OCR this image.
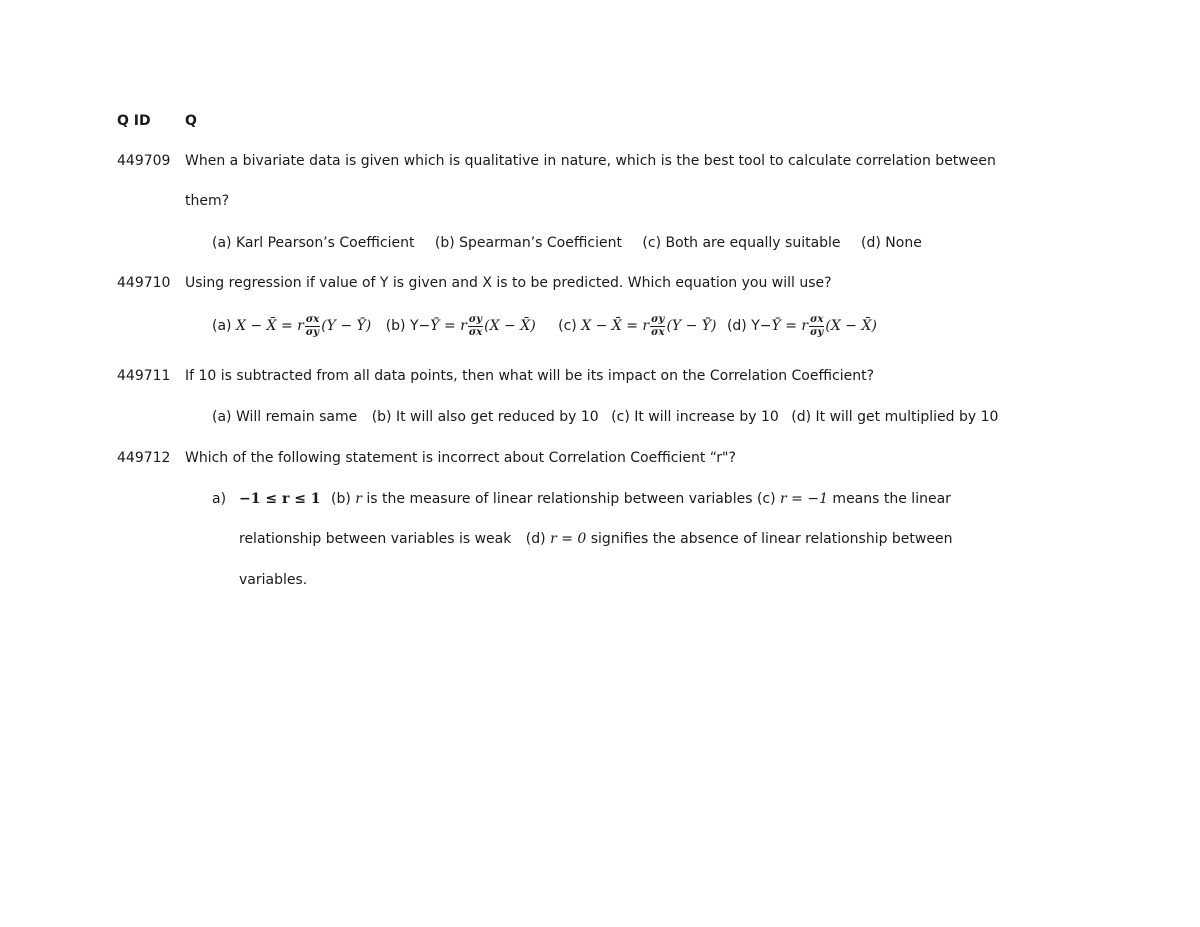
Q ID Q
449709 When a bivariate data is given which is qualitative in nature, which is the best tool to calculate correlation between
them?
(a) Karl Pearson’s Coefficient (b) Spearman’s Coefficient (c) Both are equally suitable (d) None
449710 Using regression if value of Y is given and X is to be predicted. Which equation you will use?
(a) X − X̄ = r $\frac{\sigma x}{\sigma y} (Y$ − Ȳ) (b) Y−Ȳ = r $\frac{\sigma y}{\sigma x} (X$ − X̄) (c) X − X̄ = r $\frac{\sigma y}{\sigma x} (Y$ − Ȳ) (d) Y−Ȳ = r $\frac{\sigma x}{\sigma y} (X$ − X̄)
449711 If 10 is subtracted from all data points, then what will be its impact on the Correlation Coefficient?
(a) Will remain same (b) It will also get reduced by 10 (c) It will increase by 10 (d) It will get multiplied by 10
449712 Which of the following statement is incorrect about Correlation Coefficient “r"?
a) −1 ≤ r ≤ 1 (b) r is the measure of linear relationship between variables (c) r = −1 means the linear
relationship between variables is weak (d) r = 0 signifies the absence of linear relationship between
variables.
